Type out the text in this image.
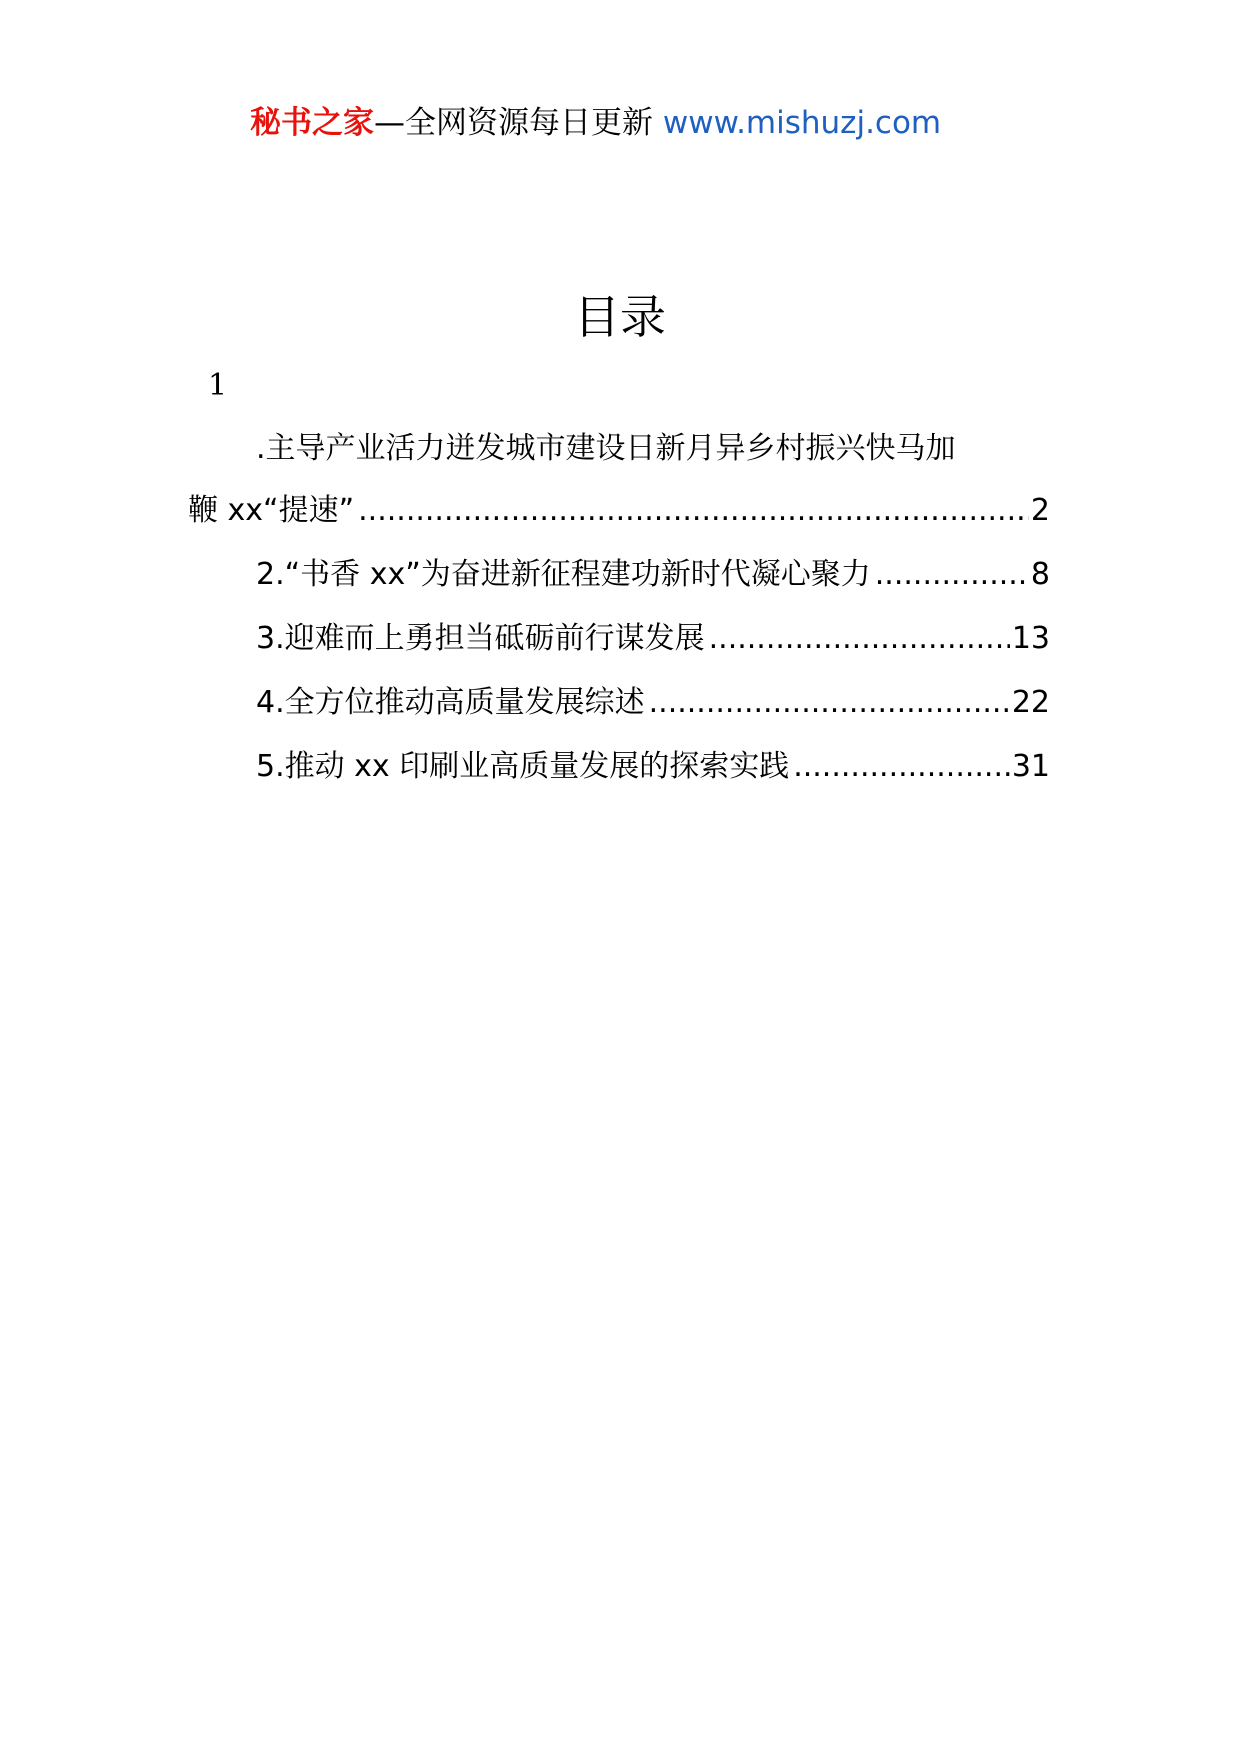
秘书之家—全网资源每日更新 www.mishuzj.com
目录
1
.主导产业活力迸发城市建设日新月异乡村振兴快马加
鞭 xx“提速” .....	2
2.“书香 xx”为奋进新征程建功新时代凝心聚力 .....	8
3.迎难而上勇担当砥砺前行谋发展 .....	13
4.全方位推动高质量发展综述 .....	22
5.推动 xx 印刷业高质量发展的探索实践 .....	31
